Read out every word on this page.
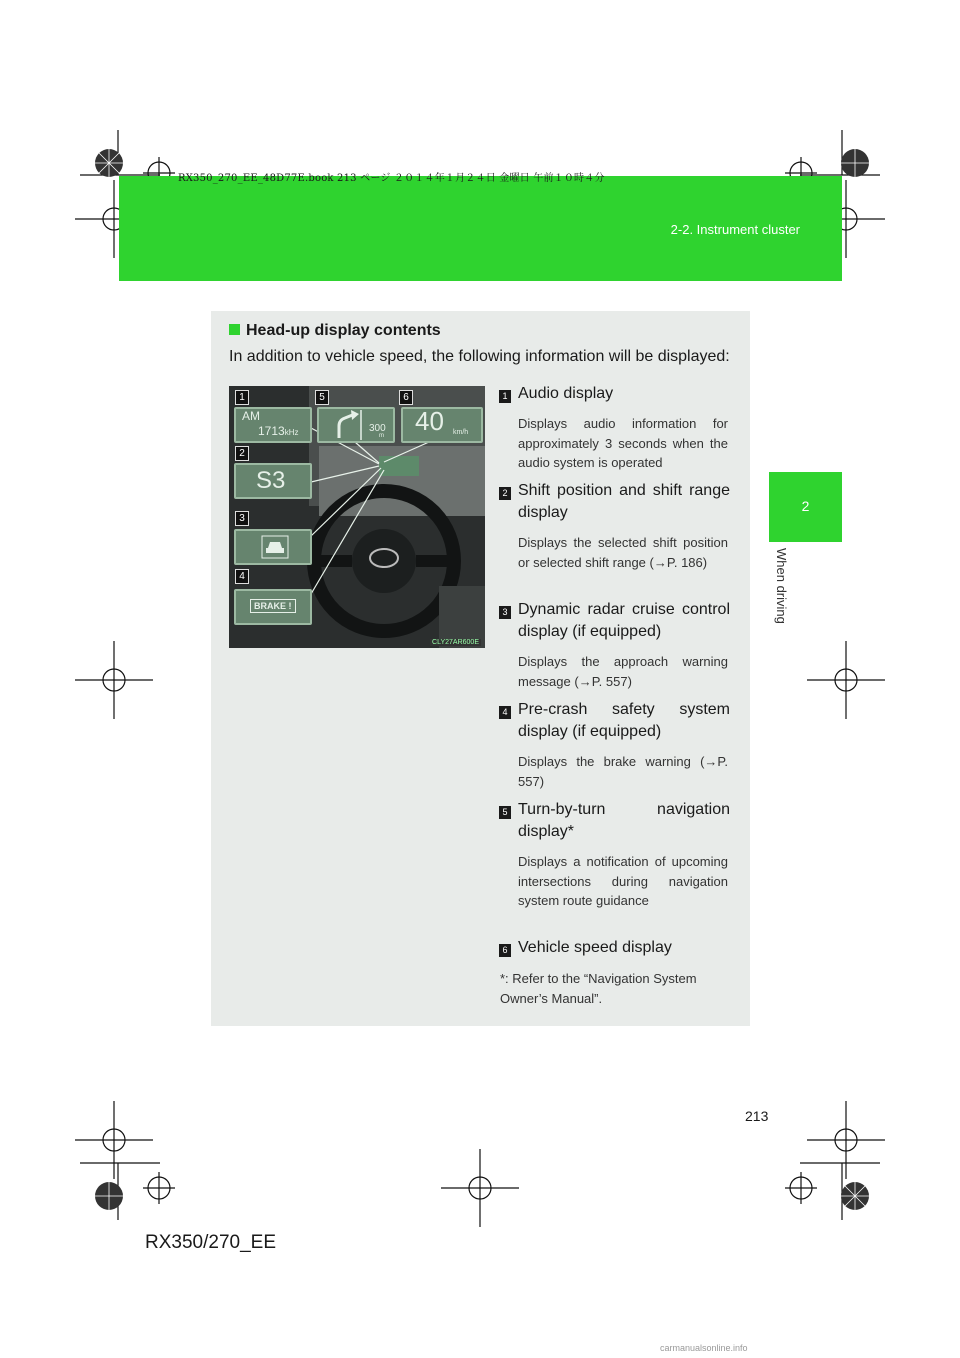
RX350_270_EE_48D77E.book 213 ページ ２０１４年１月２４日 金曜日 午前１０時４分
2-2. Instrument cluster
2
When driving
Head-up display contents
In addition to vehicle speed, the following information will be displayed:
1	5	6
2
3
4
AM
1713kHz	300
m 40 km/h
S3
BRAKE !
CLY27AR600E
1 Audio display
Displays audio information for approximately 3 seconds when the audio system is operated
2 Shift position and shift range display
Displays the selected shift position or selected shift range (→P. 186)
3 Dynamic radar cruise control display (if equipped)
Displays the approach warning message (→P. 557)
4 Pre-crash safety system display (if equipped)
Displays the brake warning (→P. 557)
5 Turn-by-turn navigation display*
Displays a notification of upcoming intersections during navigation system route guidance
6 Vehicle speed display
*: Refer to the “Navigation System Owner’s Manual”.
213
RX350/270_EE
carmanualsonline.info
